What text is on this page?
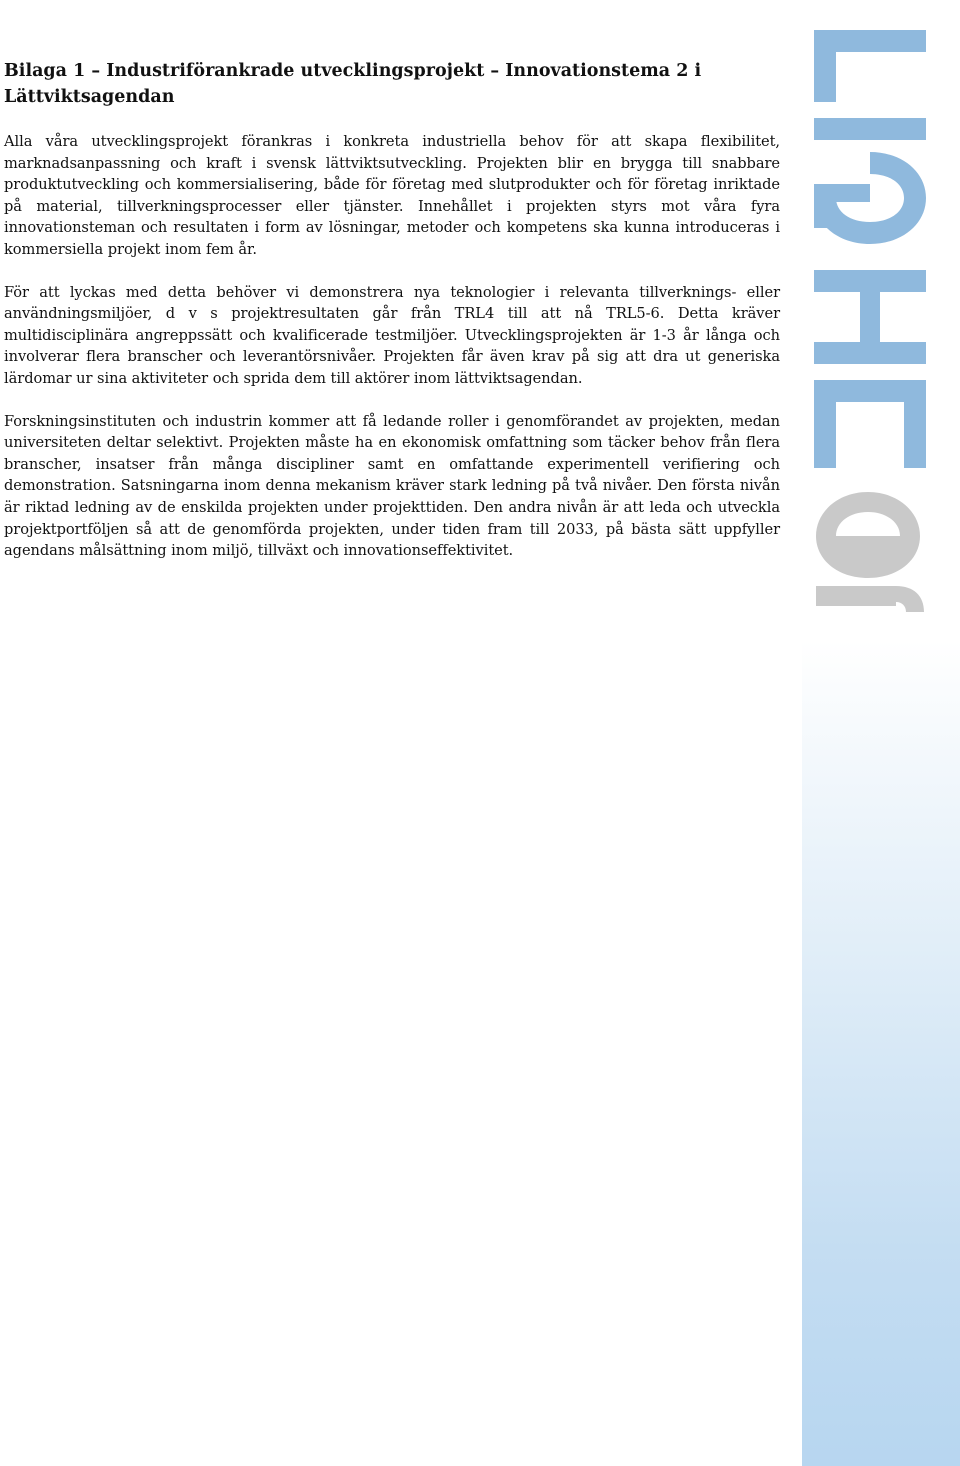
Bilaga 1 – Industriförankrade utvecklingsprojekt – Innovationstema 2 i Lättviktsagendan

Alla våra utvecklingsprojekt förankras i konkreta industriella behov för att skapa flexibilitet, marknadsanpassning och kraft i svensk lättviktsutveckling. Projekten blir en brygga till snabbare produktutveckling och kommersialisering, både för företag med slutprodukter och för företag inriktade på material, tillverkningsprocesser eller tjänster. Innehållet i projekten styrs mot våra fyra innovationsteman och resultaten i form av lösningar, metoder och kompetens ska kunna introduceras i kommersiella projekt inom fem år.

För att lyckas med detta behöver vi demonstrera nya teknologier i relevanta tillverknings- eller användningsmiljöer, d v s projektresultaten går från TRL4 till att nå TRL5-6. Detta kräver multidisciplinära angreppssätt och kvalificerade testmiljöer. Utvecklingsprojekten är 1-3 år långa och involverar flera branscher och leverantörsnivåer. Projekten får även krav på sig att dra ut generiska lärdomar ur sina aktiviteter och sprida dem till aktörer inom lättviktsagendan.

Forskningsinstituten och industrin kommer att få ledande roller i genomförandet av projekten, medan universiteten deltar selektivt. Projekten måste ha en ekonomisk omfattning som täcker behov från flera branscher, insatser från många discipliner samt en omfattande experimentell verifiering och demonstration. Satsningarna inom denna mekanism kräver stark ledning på två nivåer. Den första nivån är riktad ledning av de enskilda projekten under projekttiden. Den andra nivån är att leda och utveckla projektportföljen så att de genomförda projekten, under tiden fram till 2033, på bästa sätt uppfyller agendans målsättning inom miljö, tillväxt och innovationseffektivitet.
